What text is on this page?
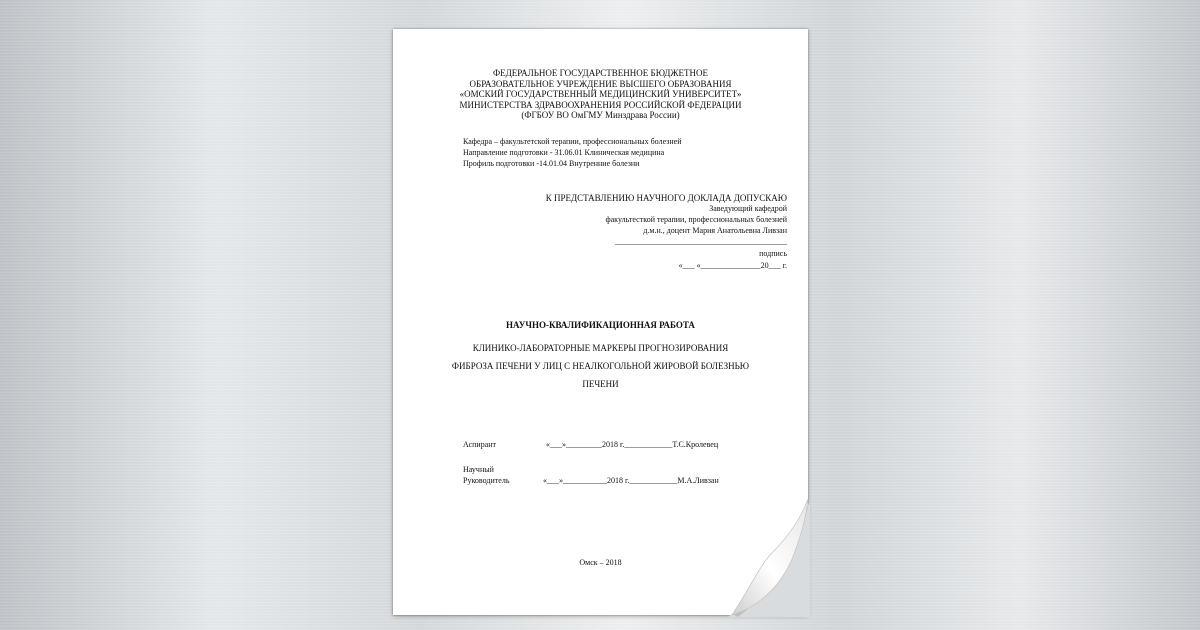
ФЕДЕРАЛЬНОЕ ГОСУДАРСТВЕННОЕ БЮДЖЕТНОЕ
ОБРАЗОВАТЕЛЬНОЕ УЧРЕЖДЕНИЕ ВЫСШЕГО ОБРАЗОВАНИЯ
«ОМСКИЙ ГОСУДАРСТВЕННЫЙ МЕДИЦИНСКИЙ УНИВЕРСИТЕТ»
МИНИСТЕРСТВА ЗДРАВООХРАНЕНИЯ РОССИЙСКОЙ ФЕДЕРАЦИИ
(ФГБОУ ВО ОмГМУ Минздрава России)
Кафедра – факультетской терапии, профессиональных болезней
Направление подготовки - 31.06.01 Клиническая медицина
Профиль подготовки -14.01.04 Внутренние болезни
К ПРЕДСТАВЛЕНИЮ НАУЧНОГО ДОКЛАДА ДОПУСКАЮ
Заведующий кафедрой
факультесткой терапии, профессиональных болезней
д.м.н., доцент Мария Анатольевна Ливзан
___________________________________________
подпись
«___ «_______________20___ г.
НАУЧНО-КВАЛИФИКАЦИОННАЯ РАБОТА
КЛИНИКО-ЛАБОРАТОРНЫЕ МАРКЕРЫ ПРОГНОЗИРОВАНИЯ
ФИБРОЗА ПЕЧЕНИ У ЛИЦ С НЕАЛКОГОЛЬНОЙ ЖИРОВОЙ БОЛЕЗНЬЮ
ПЕЧЕНИ
Аспирант	«___»_________2018 г.____________Т.С.Кролевец
Научный
Руководитель	«___»___________2018 г.____________М.А.Ливзан
Омск – 2018
